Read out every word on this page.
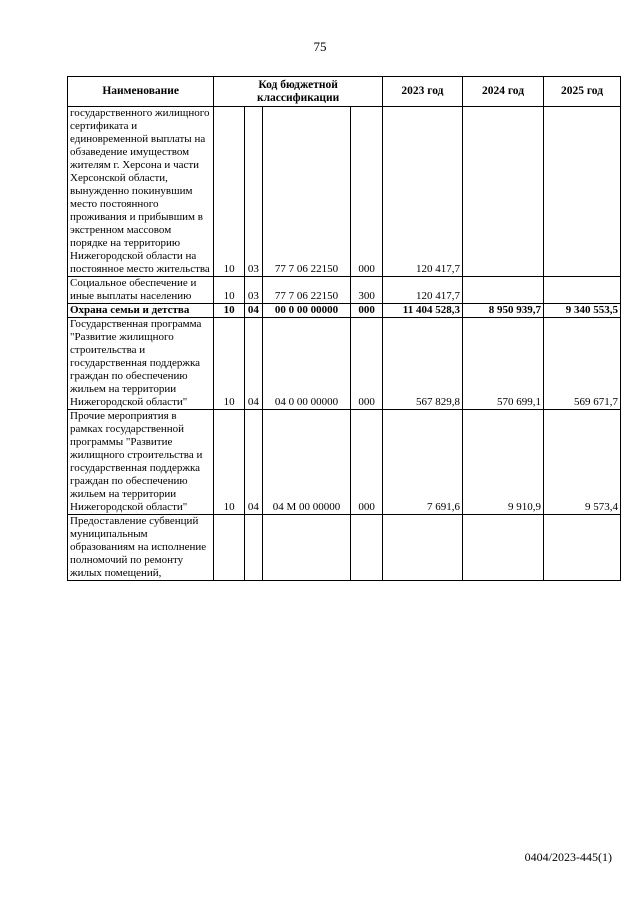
75
Наименование	Код бюджетной классификации				2023 год	2024 год	2025 год
государственного жилищного сертификата и единовременной выплаты на обзаведение имуществом жителям г. Херсона и части Херсонской области, вынужденно покинувшим место постоянного проживания и прибывшим в экстренном массовом порядке на территорию Нижегородской области на постоянное место жительства	10	03	77 7 06 22150	000	120 417,7		
Социальное обеспечение и иные выплаты населению	10	03	77 7 06 22150	300	120 417,7		
Охрана семьи и детства	10	04	00 0 00 00000	000	11 404 528,3	8 950 939,7	9 340 553,5
Государственная программа "Развитие жилищного строительства и государственная поддержка граждан по обеспечению жильем на территории Нижегородской области"	10	04	04 0 00 00000	000	567 829,8	570 699,1	569 671,7
Прочие мероприятия в рамках государственной программы "Развитие жилищного строительства и государственная поддержка граждан по обеспечению жильем на территории Нижегородской области"	10	04	04 М 00 00000	000	7 691,6	9 910,9	9 573,4
Предоставление субвенций муниципальным образованиям на исполнение полномочий по ремонту жилых помещений,							
0404/2023-445(1)
